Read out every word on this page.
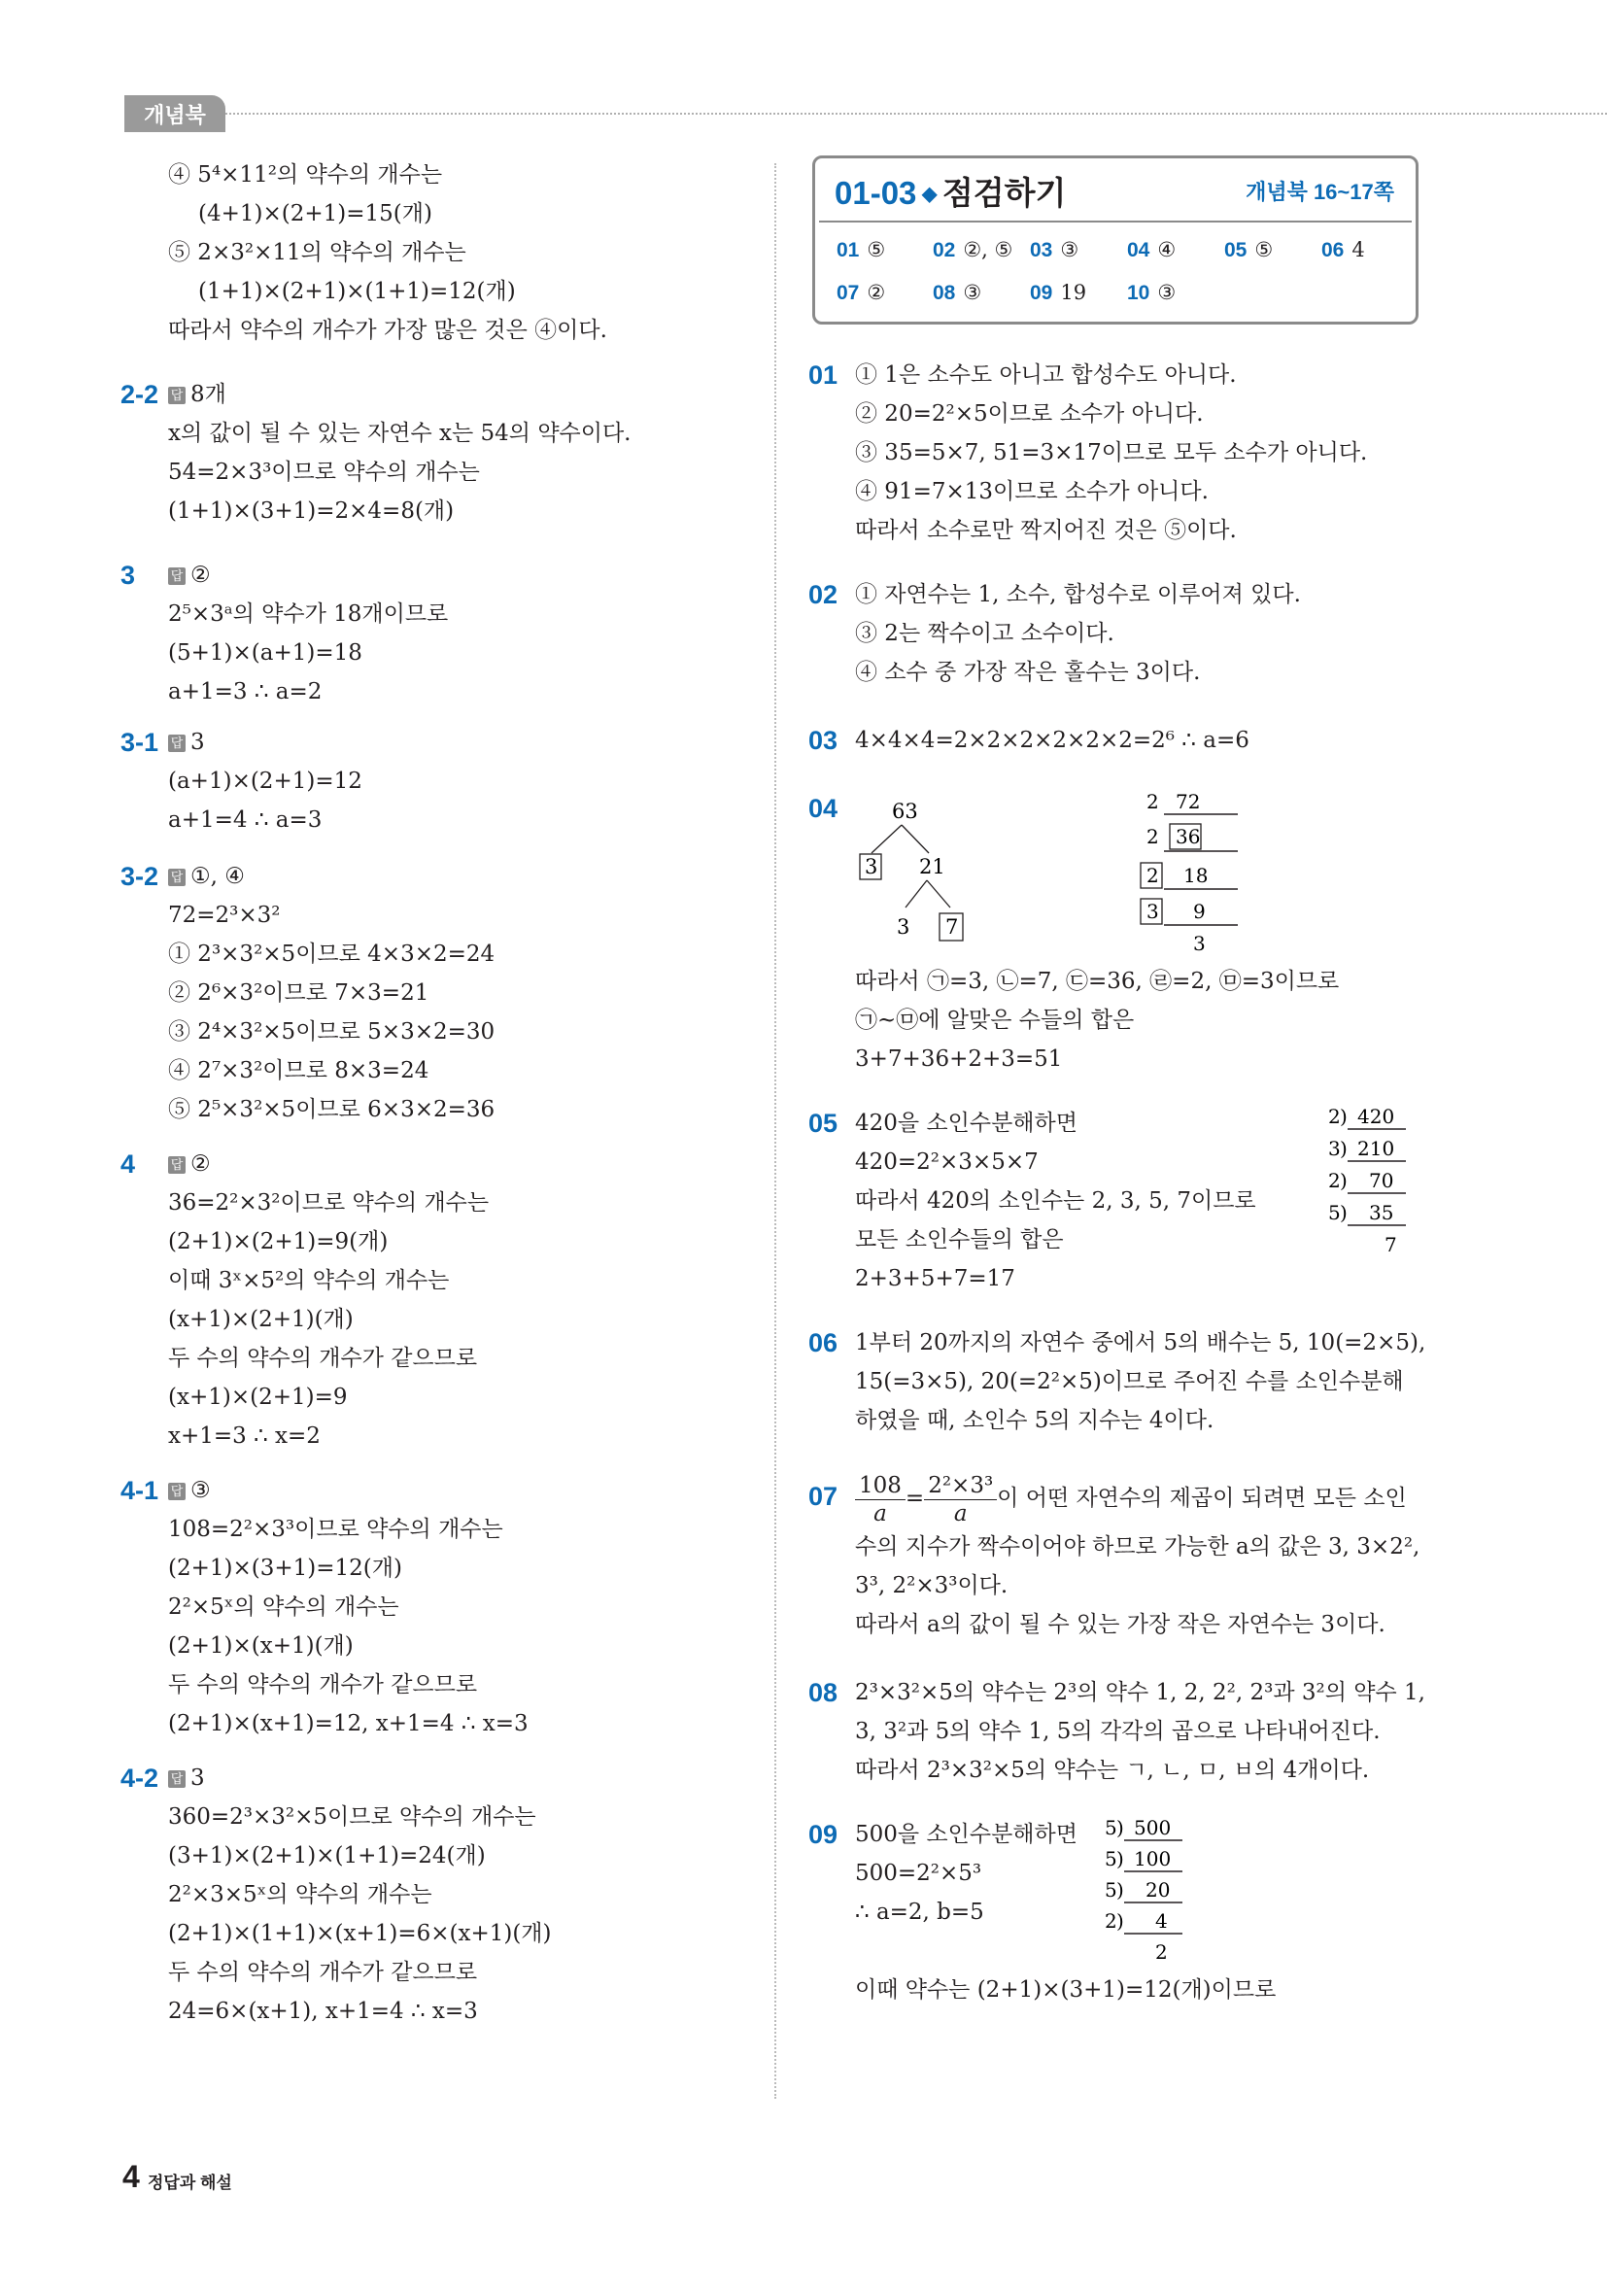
개념북
④ 5⁴×11²의 약수의 개수는
(4+1)×(2+1)=15(개)
⑤ 2×3²×11의 약수의 개수는
(1+1)×(2+1)×(1+1)=12(개)
따라서 약수의 개수가 가장 많은 것은 ④이다.
2-2 답 8개
x의 값이 될 수 있는 자연수 x는 54의 약수이다.
54=2×3³이므로 약수의 개수는
(1+1)×(3+1)=2×4=8(개)
3	답 ②
2⁵×3ᵃ의 약수가 18개이므로
(5+1)×(a+1)=18
a+1=3 ∴ a=2
3-1 답 3
(a+1)×(2+1)=12
a+1=4 ∴ a=3
3-2 답 ①, ④
72=2³×3²
① 2³×3²×5이므로 4×3×2=24
② 2⁶×3²이므로 7×3=21
③ 2⁴×3²×5이므로 5×3×2=30
④ 2⁷×3²이므로 8×3=24
⑤ 2⁵×3²×5이므로 6×3×2=36
4	답 ②
36=2²×3²이므로 약수의 개수는
(2+1)×(2+1)=9(개)
이때 3ˣ×5²의 약수의 개수는
(x+1)×(2+1)(개)
두 수의 약수의 개수가 같으므로
(x+1)×(2+1)=9
x+1=3 ∴ x=2
4-1 답 ③
108=2²×3³이므로 약수의 개수는
(2+1)×(3+1)=12(개)
2²×5ˣ의 약수의 개수는
(2+1)×(x+1)(개)
두 수의 약수의 개수가 같으므로
(2+1)×(x+1)=12, x+1=4 ∴ x=3
4-2 답 3
360=2³×3²×5이므로 약수의 개수는
(3+1)×(2+1)×(1+1)=24(개)
2²×3×5ˣ의 약수의 개수는
(2+1)×(1+1)×(x+1)=6×(x+1)(개)
두 수의 약수의 개수가 같으므로
24=6×(x+1), x+1=4 ∴ x=3
01-03 ◆ 점검하기	개념북 16~17쪽
01 ⑤ 02 ②, ⑤ 03 ③ 04 ④ 05 ⑤ 06 4
07 ② 08 ③ 09 19 10 ③
01 ① 1은 소수도 아니고 합성수도 아니다.
② 20=2²×5이므로 소수가 아니다.
③ 35=5×7, 51=3×17이므로 모두 소수가 아니다.
④ 91=7×13이므로 소수가 아니다.
따라서 소수로만 짝지어진 것은 ⑤이다.
02 ① 자연수는 1, 소수, 합성수로 이루어져 있다.
③ 2는 짝수이고 소수이다.
④ 소수 중 가장 작은 홀수는 3이다.
03 4×4×4=2×2×2×2×2×2=2⁶ ∴ a=6
04	63
3 21
3 7
2 72
2 36
2 18
3 9
3
따라서 ㉠=3, ㉡=7, ㉢=36, ㉣=2, ㉤=3이므로
㉠~㉤에 알맞은 수들의 합은
3+7+36+2+3=51
05 420을 소인수분해하면
420=2²×3×5×7
따라서 420의 소인수는 2, 3, 5, 7이므로
모든 소인수들의 합은
2+3+5+7=17
2 ) 420
3 ) 210
2 ) 70
5 ) 35
7
06 1부터 20까지의 자연수 중에서 5의 배수는 5, 10(=2×5),
15(=3×5), 20(=2²×5)이므로 주어진 수를 소인수분해
하였을 때, 소인수 5의 지수는 4이다.
$07 \frac{108}{a} = \frac{\text{2²×3³}}{a}$ 이 어떤 자연수의 제곱이 되려면 모든 소인
수의 지수가 짝수이어야 하므로 가능한 a의 값은 3, 3×2²,
3³, 2²×3³이다.
따라서 a의 값이 될 수 있는 가장 작은 자연수는 3이다.
08 2³×3²×5의 약수는 2³의 약수 1, 2, 2², 2³과 3²의 약수 1,
3, 3²과 5의 약수 1, 5의 각각의 곱으로 나타내어진다.
따라서 2³×3²×5의 약수는 ㄱ, ㄴ, ㅁ, ㅂ의 4개이다.
09 500을 소인수분해하면
500=2²×5³
∴ a=2, b=5
이때 약수는 (2+1)×(3+1)=12(개)이므로
5 ) 500
5 ) 100
5 ) 20
2 ) 4
2
4 정답과 해설
